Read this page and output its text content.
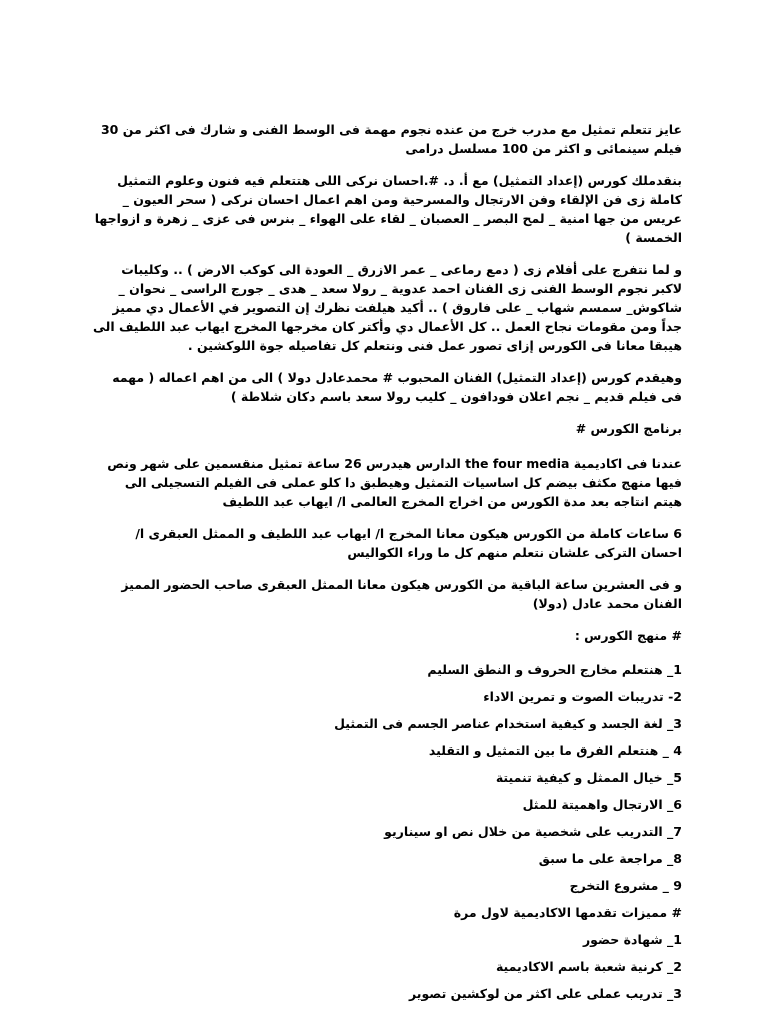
عايز تتعلم تمثيل مع مدرب خرج من عنده نجوم مهمة فى الوسط الفنى و شارك فى اكثر من 30 فيلم سينمائى و اكثر من 100 مسلسل درامى

بنقدملك كورس (إعداد التمثيل) مع أ. د. #.احسان نركى اللى هتتعلم فيه فنون وعلوم التمثيل كاملة زى فن الإلقاء وفن الارتجال والمسرحية ومن اهم اعمال احسان نركى ( سحر العيون _ عريس من جها امنية _ لمح البصر _ العصبان _ لقاء على الهواء _ بنرس فى عزى _ زهرة و ازواجها الخمسة )

و لما نتفرج على أفلام زى ( دمع رماعى _ عمر الازرق _ العودة الى كوكب الارض ) .. وكليبات لاكبر نجوم الوسط الفنى زى الفنان احمد عدوية _ رولا سعد _ هدى _ جورج الراسى _ نحوان _ شاكوش_ سمسم شهاب _ على فاروق ) .. أكيد هيلفت نظرك إن التصوير في الأعمال دي مميز جداً ومن مقومات نجاح العمل .. كل الأعمال دي وأكتر كان مخرجها المخرج ايهاب عبد اللطيف الى هيبقا معانا فى الكورس إزاى تصور عمل فنى ونتعلم كل تفاصيله جوة اللوكشين .

وهيقدم كورس (إعداد التمثيل) الفنان المحبوب # محمدعادل دولا ) الى من اهم اعماله ( مهمه فى فيلم قديم _ نجم اعلان فودافون _ كليب رولا سعد باسم دكان شلاطة )

برنامج الكورس #

عندنا فى اكاديمية the four media الدارس هيدرس 26 ساعة تمثيل منقسمين على شهر ونص فيها منهج مكثف بيضم كل اساسيات التمثيل وهيطبق دا كلو عملى فى الفيلم التسجيلى الى هيتم انتاجه بعد مدة الكورس من اخراج المخرج العالمى ا/ ايهاب عبد اللطيف

6 ساعات كاملة من الكورس هيكون معانا المخرج ا/ ايهاب عبد اللطيف و الممثل العبقرى ا/ احسان التركى علشان نتعلم منهم كل ما وراء الكواليس

و فى العشرين ساعة الباقية من الكورس هيكون معانا الممثل العبقرى صاحب الحضور المميز الفنان محمد عادل (دولا)

# منهج الكورس :

1_ هنتعلم مخارج الحروف و النطق السليم
2- تدريبات الصوت و تمرين الاداء
3_ لغة الجسد و كيفية استخدام عناصر الجسم فى التمثيل
4 _ هنتعلم الفرق ما بين التمثيل و التقليد
5_ خيال الممثل و كيفية تنميتة
6_ الارتجال واهميتة للمثل
7_ التدريب على شخصية من خلال نص او سيناريو
8_ مراجعة على ما سبق
9 _ مشروع التخرج
# مميزات تقدمها الاكاديمية لاول مرة
1_ شهادة حضور
2_ كرنية شعبة باسم الاكاديمية
3_ تدريب عملى على اكثر من لوكشين تصوير
